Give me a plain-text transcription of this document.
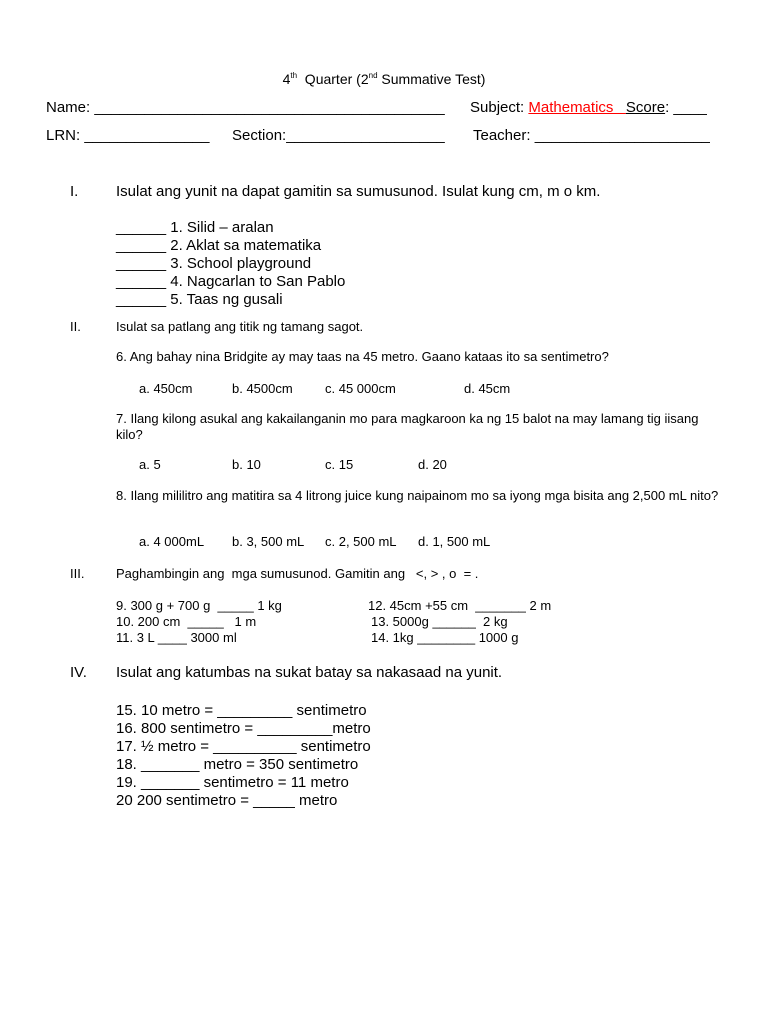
4th  Quarter (2nd Summative Test)
Name: __________________________________________ Subject: Mathematics   Score: ____
LRN: _______________ Section:___________________ Teacher: _____________________
I.	Isulat ang yunit na dapat gamitin sa sumusunod. Isulat kung cm, m o km.
______ 1. Silid – aralan
______ 2. Aklat sa matematika
______ 3. School playground
______ 4. Nagcarlan to San Pablo
______ 5. Taas ng gusali
II.	Isulat sa patlang ang titik ng tamang sagot.
6. Ang bahay nina Bridgite ay may taas na 45 metro. Gaano kataas ito sa sentimetro?
a. 450cm	b. 4500cm c. 45 000cm	d. 45cm
7. Ilang kilong asukal ang kakailanganin mo para magkaroon ka ng 15 balot na may lamang tig iisang kilo?
a. 5	b. 10	c. 15	d. 20
8. Ilang mililitro ang matitira sa 4 litrong juice kung naipainom mo sa iyong mga bisita ang 2,500 mL nito?
a. 4 000mL b. 3, 500 mL c. 2, 500 mL d. 1, 500 mL
III. Paghambingin ang  mga sumusunod. Gamitin ang   <, > , o  = .
9. 300 g + 700 g  _____ 1 kg
10. 200 cm  _____   1 m
11. 3 L ____ 3000 ml
12. 45cm +55 cm  _______ 2 m
13. 5000g ______  2 kg
14. 1kg ________ 1000 g
IV. Isulat ang katumbas na sukat batay sa nakasaad na yunit.
15. 10 metro = _________ sentimetro
16. 800 sentimetro = _________metro
17. ½ metro = __________ sentimetro
18. _______ metro = 350 sentimetro
19. _______ sentimetro = 11 metro
20 200 sentimetro = _____ metro
